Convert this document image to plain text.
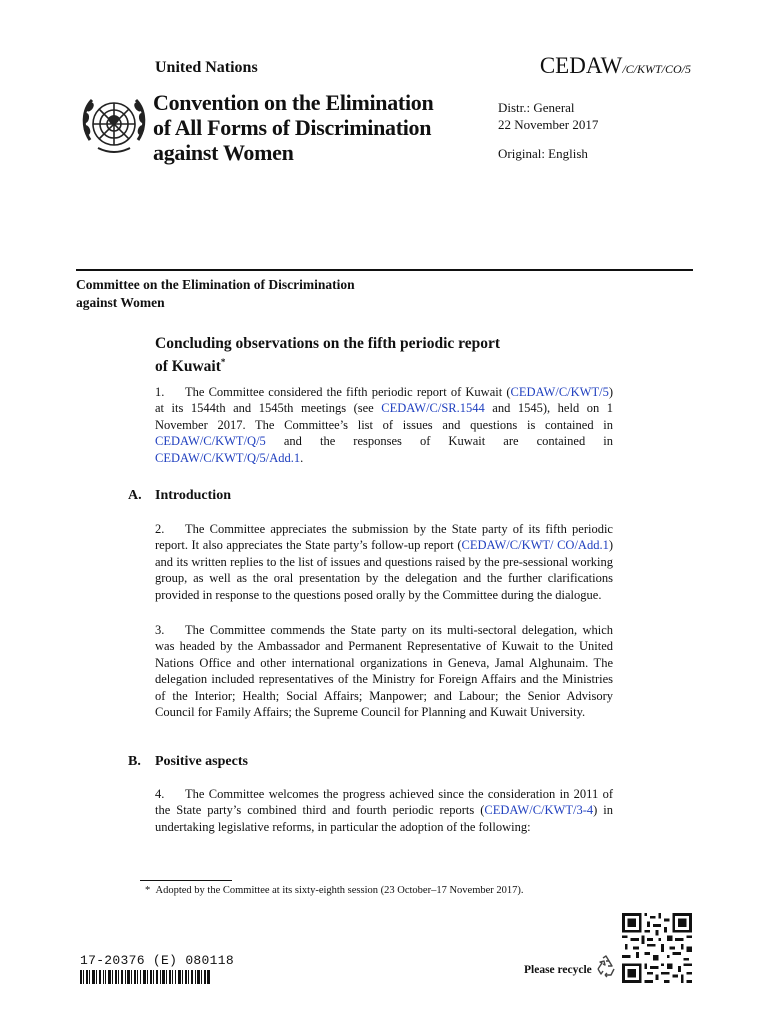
United Nations	CEDAW/C/KWT/CO/5
Convention on the Elimination
of All Forms of Discrimination
against Women
Distr.: General
22 November 2017
Original: English
Committee on the Elimination of Discrimination
against Women
Concluding observations on the fifth periodic report
of Kuwait*
1. The Committee considered the fifth periodic report of Kuwait (CEDAW/C/KWT/5) at its 1544th and 1545th meetings (see CEDAW/C/SR.1544 and 1545), held on 1 November 2017. The Committee’s list of issues and questions is contained in CEDAW/C/KWT/Q/5 and the responses of Kuwait are contained in CEDAW/C/KWT/Q/5/Add.1.
A. Introduction
2. The Committee appreciates the submission by the State party of its fifth periodic report. It also appreciates the State party’s follow-up report (CEDAW/C/KWT/ CO/Add.1) and its written replies to the list of issues and questions raised by the pre-sessional working group, as well as the oral presentation by the delegation and the further clarifications provided in response to the questions posed orally by the Committee during the dialogue.
3. The Committee commends the State party on its multi-sectoral delegation, which was headed by the Ambassador and Permanent Representative of Kuwait to the United Nations Office and other international organizations in Geneva, Jamal Alghunaim. The delegation included representatives of the Ministry for Foreign Affairs and the Ministries of the Interior; Health; Social Affairs; Manpower; and Labour; the Senior Advisory Council for Family Affairs; the Supreme Council for Planning and Kuwait University.
B. Positive aspects
4. The Committee welcomes the progress achieved since the consideration in 2011 of the State party’s combined third and fourth periodic reports (CEDAW/C/KWT/3-4) in undertaking legislative reforms, in particular the adoption of the following:
* Adopted by the Committee at its sixty-eighth session (23 October–17 November 2017).
17-20376 (E) 080118
Please recycle
